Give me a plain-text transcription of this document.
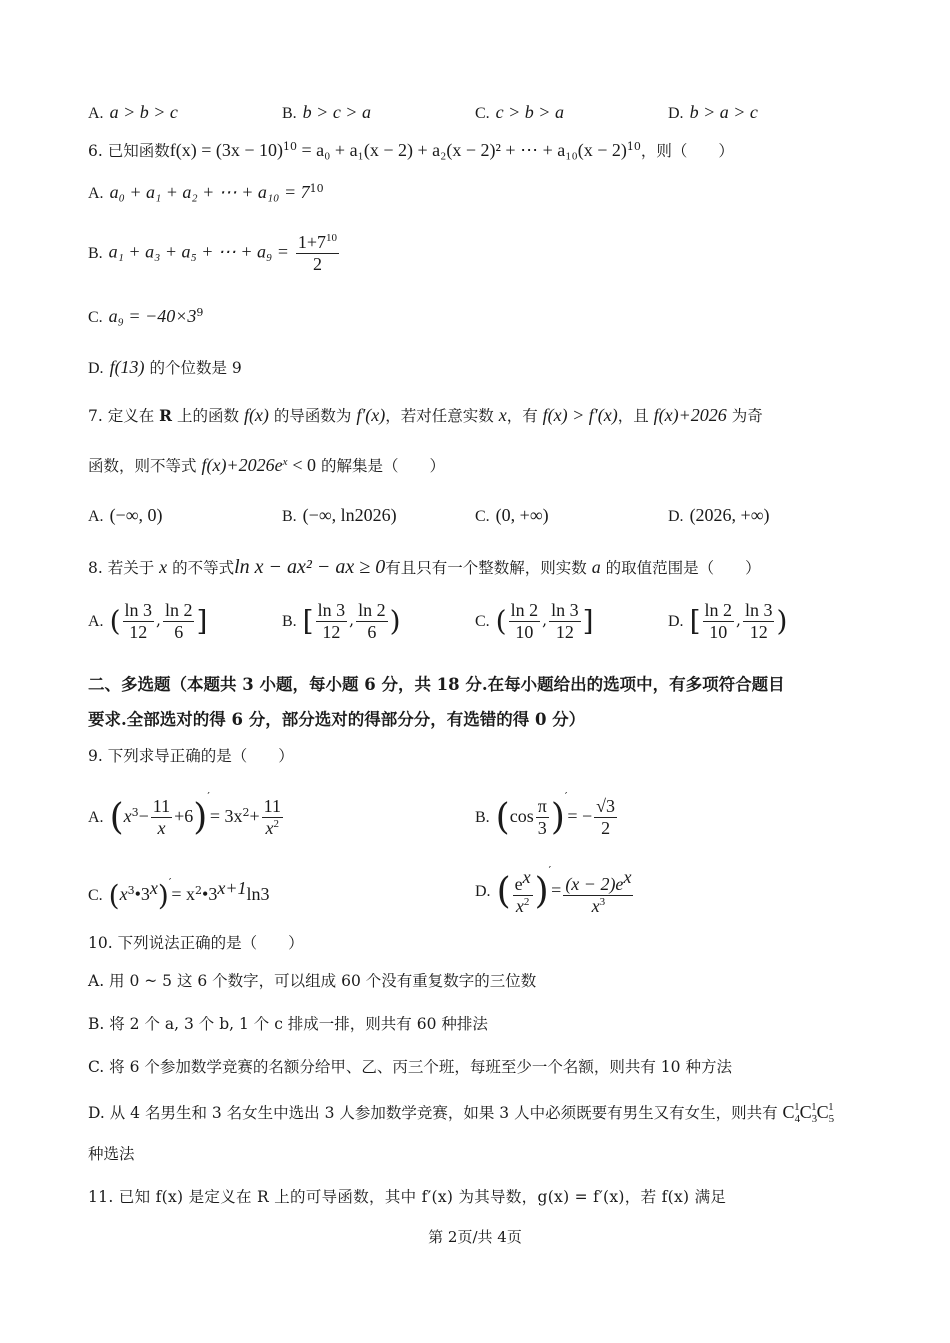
A. a > b > c	B. b > c > a	C. c > b > a	D. b > a > c
6. 已知函数$f(x) = (3x - 10)^{10} = a_0 + a_1(x - 2) + a_2(x - 2)^2$ + ⋯ + $a_{10}(x - 2)^{10}$，则（　　）
A. a₀ + a₁ + a₂ + ⋯ + $a_{10} = 7^{10}$
B. a₁ + a₃ + a₅ + ⋯ + $a_9 = \frac{1+7^{10}}{2}$
C. $a_9 = -40\times 3^9$
D. f(13) 的个位数是 9
7. 定义在 R 上的函数 f(x) 的导函数为 f′(x)，若对任意实数 x，有 f(x) > f′(x)，且 f(x)+2026 为奇
函数，则不等式 $f(x)+2026e^x < 0$ 的解集是（　　）
A. (−∞, 0)	B. (−∞, ln2026)	C. (0, +∞)	D. (2026, +∞)
8. 若关于 x 的不等式ln x − ax² − ax ≥ 0有且只有一个整数解，则实数 a 的取值范围是（　　）
A. ( $\frac{\ln 3}{12}$ , $\frac{\ln 2}{6}$ ]	B. [ $\frac{\ln 3}{12}$ , $\frac{\ln 2}{6}$ )	C. ( $\frac{\ln 2}{10}$ , $\frac{\ln 3}{12}$ ]	D. [ $\frac{\ln 2}{10}$ , $\frac{\ln 3}{12}$ )
二、多选题（本题共 3 小题，每小题 6 分，共 18 分.在每小题给出的选项中，有多项符合题目
要求.全部选对的得 6 分，部分选对的得部分分，有选错的得 0 分）
9. 下列求导正确的是（　　）
A. $(x^3- \frac{11}{x} +6)'= 3x^2+ \frac{11}{x^2}$	B. $(\cos \frac{\pi}{3} )'= - \frac{√3}{2}$
C. $(x^3•3^x)'=$ $x^2•3^{x+1}\ln 3$	D. ( $\frac{e^x}{x^2} )'= \frac{(x - 2)e^x}{x^3}$
10. 下列说法正确的是（　　）
A. 用 0 ~ 5 这 6 个数字，可以组成 60 个没有重复数字的三位数
B. 将 2 个 a, 3 个 b, 1 个 c 排成一排，则共有 60 种排法
C. 将 6 个参加数学竞赛的名额分给甲、乙、丙三个班，每班至少一个名额，则共有 10 种方法
D. 从 4 名男生和 3 名女生中选出 3 人参加数学竞赛，如果 3 人中必须既要有男生又有女生，则共有 $C_4^1C_3^1C_5^1$
种选法
11. 已知 f(x) 是定义在 R 上的可导函数，其中 f′(x) 为其导数，g(x) = f′(x)，若 f(x) 满足
第 2页/共 4页
